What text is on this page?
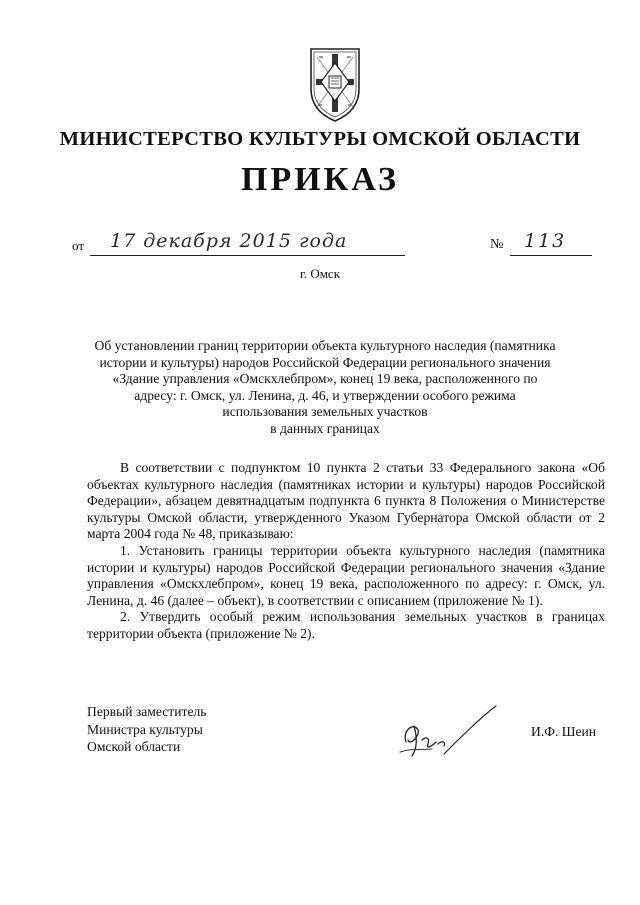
МИНИСТЕРСТВО КУЛЬТУРЫ ОМСКОЙ ОБЛАСТИ
ПРИКАЗ
от 17 декабря 2015 года	№ 113
г. Омск
Об установлении границ территории объекта культурного наследия (памятника
истории и культуры) народов Российской Федерации регионального значения
«Здание управления «Омскхлебпром», конец 19 века, расположенного по
адресу: г. Омск, ул. Ленина, д. 46, и утверждении особого режима
использования земельных участков
в данных границах

В соответствии с подпунктом 10 пункта 2 статьи 33 Федерального закона «Об объектах культурного наследия (памятниках истории и культуры) народов Российской Федерации», абзацем девятнадцатым подпункта 6 пункта 8 Положения о Министерстве культуры Омской области, утвержденного Указом Губернатора Омской области от 2 марта 2004 года № 48, приказываю:

1. Установить границы территории объекта культурного наследия (памятника истории и культуры) народов Российской Федерации регионального значения «Здание управления «Омскхлебпром», конец 19 века, расположенного по адресу: г. Омск, ул. Ленина, д. 46 (далее – объект), в соответствии с описанием (приложение № 1).

2. Утвердить особый режим использования земельных участков в границах территории объекта (приложение № 2).

Первый заместитель
Министра культуры
Омской области
И.Ф. Шеин
